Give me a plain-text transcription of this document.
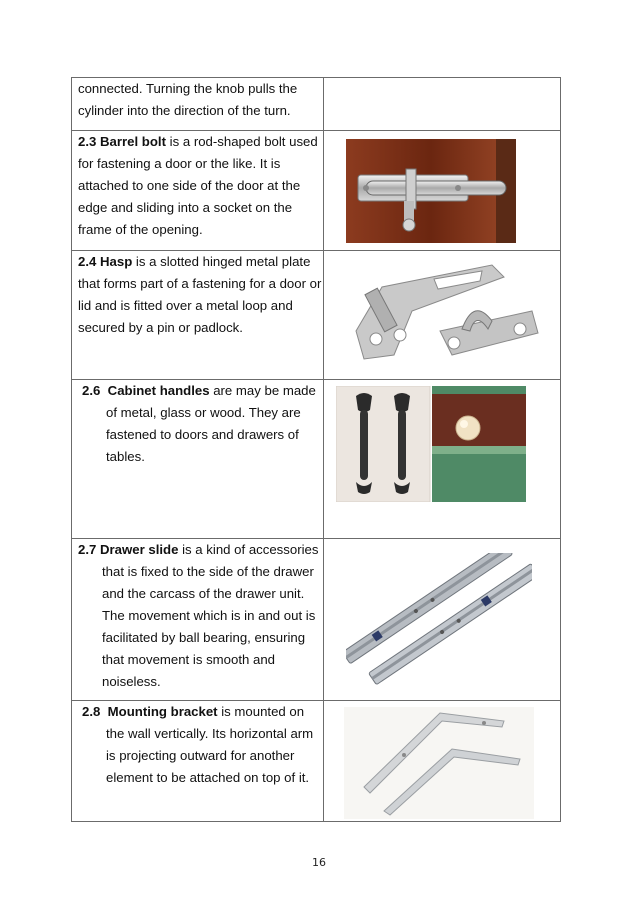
connected. Turning the knob pulls the
cylinder into the direction of the turn.
2.3 Barrel bolt is a rod-shaped bolt used
for fastening a door or the like. It is
attached to one side of the door at the
edge and sliding into a socket on the
frame of the opening.
2.4 Hasp is a slotted hinged metal plate
that forms part of a fastening for a door or
lid and is fitted over a metal loop and
secured by a pin or padlock.
2.6 Cabinet handles are may be made
of metal, glass or wood. They are
fastened to doors and drawers of
tables.
2.7 Drawer slide is a kind of accessories
that is fixed to the side of the drawer
and the carcass of the drawer unit.
The movement which is in and out is
facilitated by ball bearing, ensuring
that movement is smooth and
noiseless.
2.8 Mounting bracket is mounted on
the wall vertically. Its horizontal arm
is projecting outward for another
element to be attached on top of it.
16
